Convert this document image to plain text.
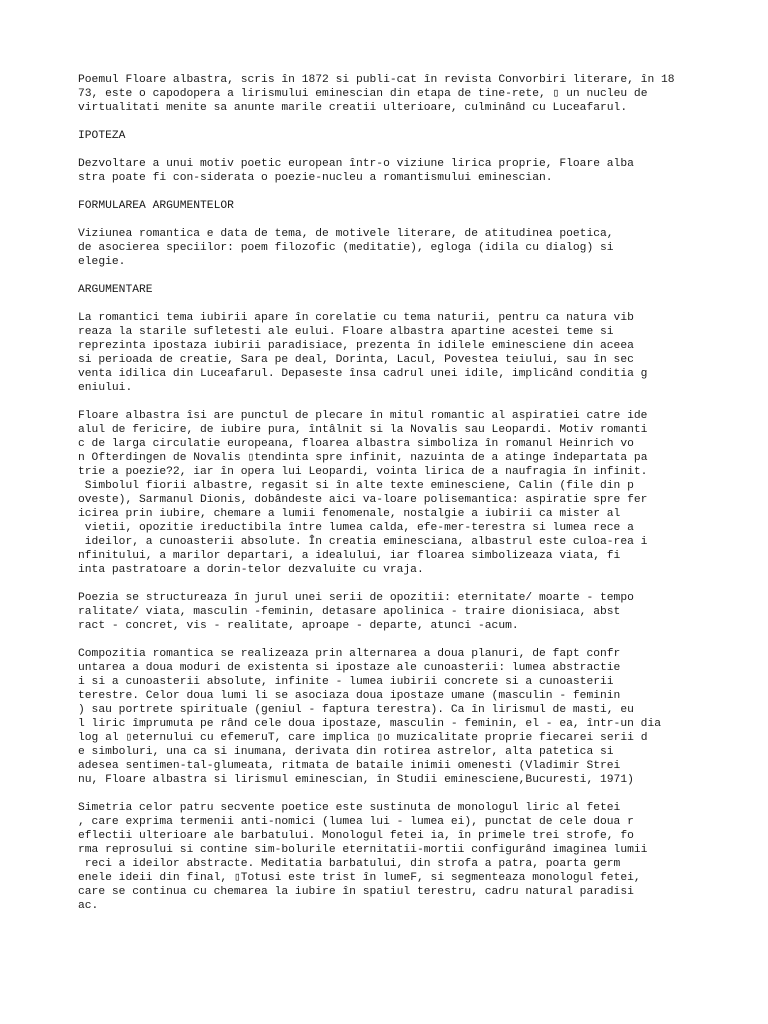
Poemul Floare albastra, scris în 1872 si publi-cat în revista Convorbiri literare, în 18
73, este o capodopera a lirismului eminescian din etapa de tine-rete, ▯ un nucleu de
virtualitati menite sa anunte marile creatii ulterioare, culminând cu Luceafarul.
IPOTEZA
Dezvoltare a unui motiv poetic european într-o viziune lirica proprie, Floare alba
stra poate fi con-siderata o poezie-nucleu a romantismului eminescian.
FORMULAREA ARGUMENTELOR
Viziunea romantica e data de tema, de motivele literare, de atitudinea poetica,
de asocierea speciilor: poem filozofic (meditatie), egloga (idila cu dialog) si
elegie.
ARGUMENTARE
La romantici tema iubirii apare în corelatie cu tema naturii, pentru ca natura vib
reaza la starile sufletesti ale eului. Floare albastra apartine acestei teme si
reprezinta ipostaza iubirii paradisiace, prezenta în idilele eminesciene din aceea
si perioada de creatie, Sara pe deal, Dorinta, Lacul, Povestea teiului, sau în sec
venta idilica din Luceafarul. Depaseste însa cadrul unei idile, implicând conditia g
eniului.
Floare albastra îsi are punctul de plecare în mitul romantic al aspiratiei catre ide
alul de fericire, de iubire pura, întâlnit si la Novalis sau Leopardi. Motiv romanti
c de larga circulatie europeana, floarea albastra simboliza în romanul Heinrich vo
n Ofterdingen de Novalis ▯tendinta spre infinit, nazuinta de a atinge îndepartata pa
trie a poezie?2, iar în opera lui Leopardi, vointa lirica de a naufragia în infinit.
Simbolul fiorii albastre, regasit si în alte texte eminesciene, Calin (file din p
oveste), Sarmanul Dionis, dobândeste aici va-loare polisemantica: aspiratie spre fer
icirea prin iubire, chemare a lumii fenomenale, nostalgie a iubirii ca mister al
vietii, opozitie ireductibila între lumea calda, efe-mer-terestra si lumea rece a
ideilor, a cunoasterii absolute. În creatia eminesciana, albastrul este culoa-rea i
nfinitului, a marilor departari, a idealului, iar floarea simbolizeaza viata, fi
inta pastratoare a dorin-telor dezvaluite cu vraja.
Poezia se structureaza în jurul unei serii de opozitii: eternitate/ moarte - tempo
ralitate/ viata, masculin -feminin, detasare apolinica - traire dionisiaca, abst
ract - concret, vis - realitate, aproape - departe, atunci -acum.
Compozitia romantica se realizeaza prin alternarea a doua planuri, de fapt confr
untarea a doua moduri de existenta si ipostaze ale cunoasterii: lumea abstractie
i si a cunoasterii absolute, infinite - lumea iubirii concrete si a cunoasterii
terestre. Celor doua lumi li se asociaza doua ipostaze umane (masculin - feminin
) sau portrete spirituale (geniul - faptura terestra). Ca în lirismul de masti, eu
l liric împrumuta pe rând cele doua ipostaze, masculin - feminin, el - ea, într-un dia
log al ▯eternului cu efemeruT, care implica ▯o muzicalitate proprie fiecarei serii d
e simboluri, una ca si inumana, derivata din rotirea astrelor, alta patetica si
adesea sentimen-tal-glumeata, ritmata de bataile inimii omenesti (Vladimir Strei
nu, Floare albastra si lirismul eminescian, în Studii eminesciene,Bucuresti, 1971)
Simetria celor patru secvente poetice este sustinuta de monologul liric al fetei
, care exprima termenii anti-nomici (lumea lui - lumea ei), punctat de cele doua r
eflectii ulterioare ale barbatului. Monologul fetei ia, în primele trei strofe, fo
rma reprosului si contine sim-bolurile eternitatii-mortii configurând imaginea lumii
reci a ideilor abstracte. Meditatia barbatului, din strofa a patra, poarta germ
enele ideii din final, ▯Totusi este trist în lumeF, si segmenteaza monologul fetei,
care se continua cu chemarea la iubire în spatiul terestru, cadru natural paradisi
ac.
